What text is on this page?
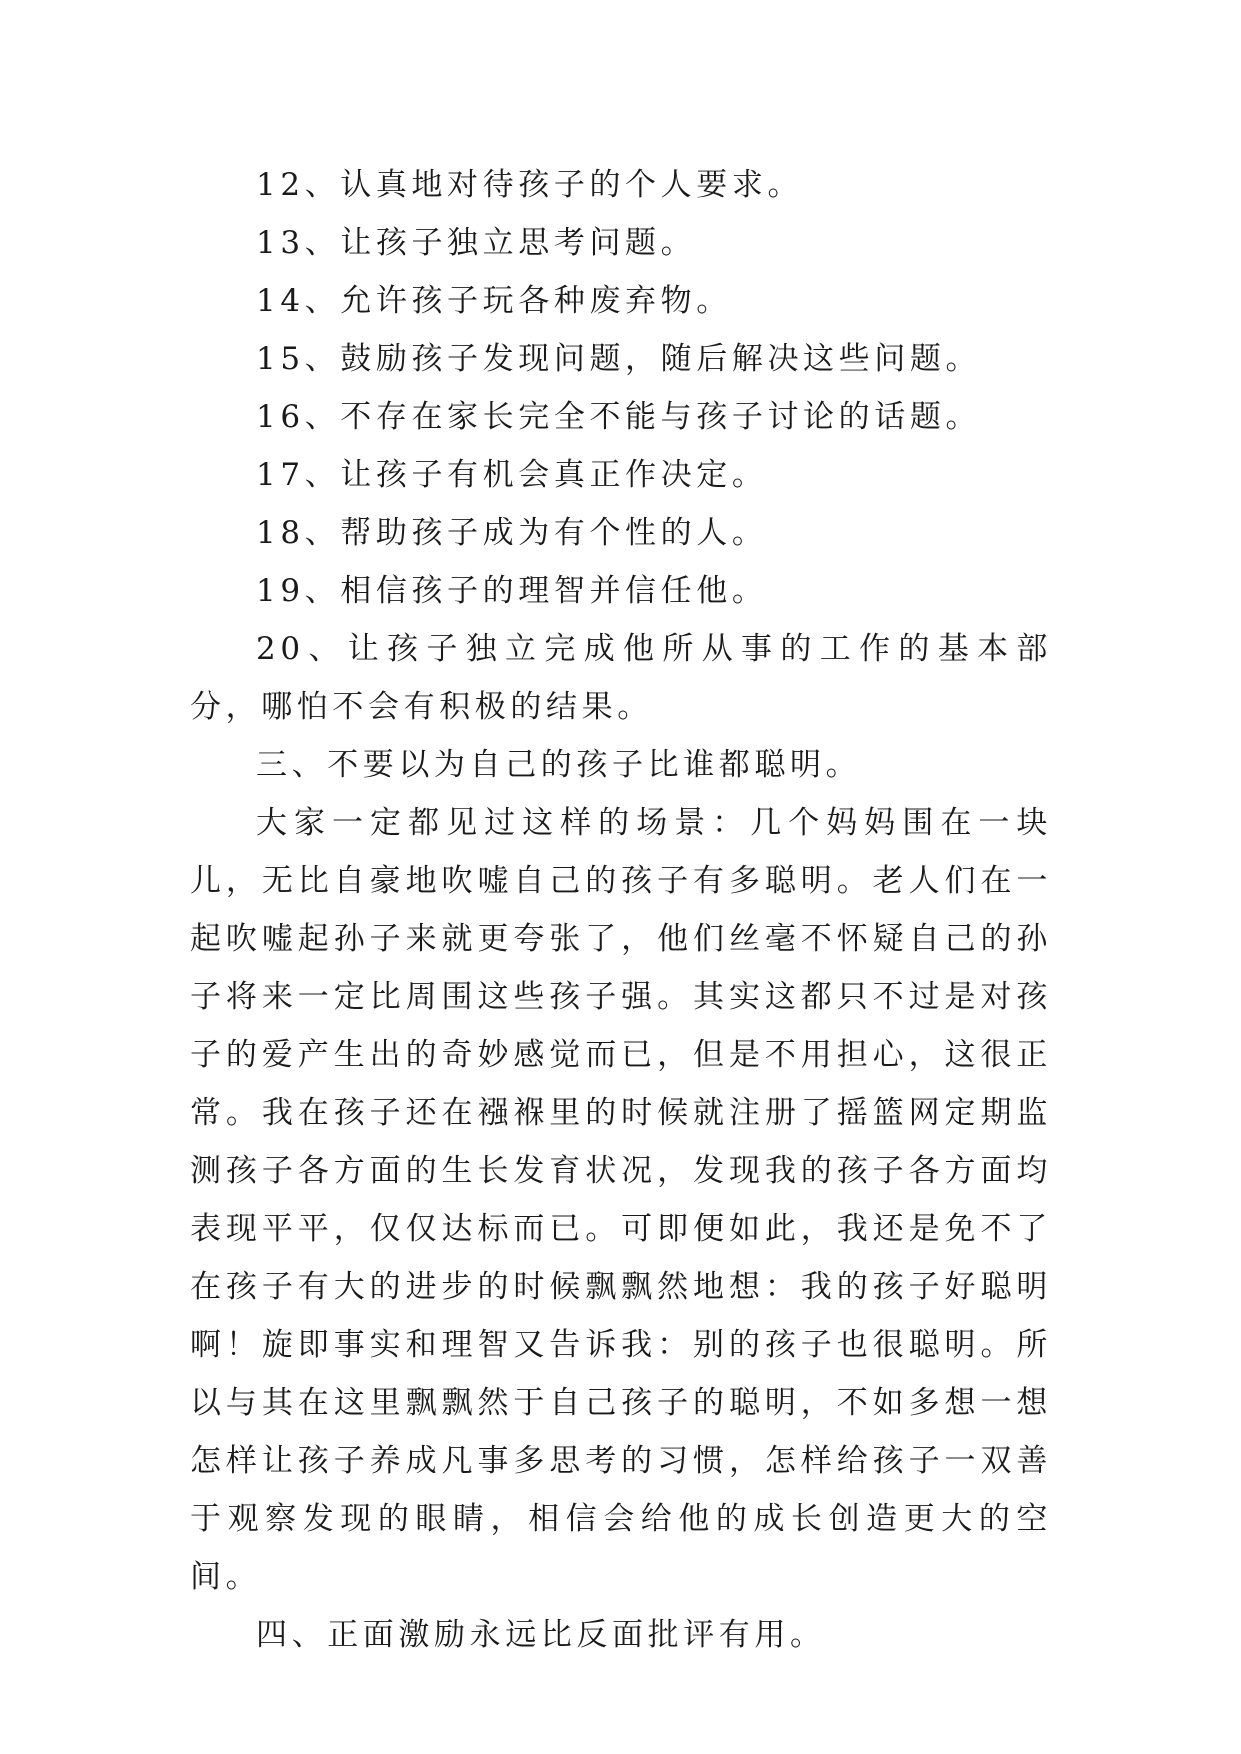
12、认真地对待孩子的个人要求。

13、让孩子独立思考问题。

14、允许孩子玩各种废弃物。

15、鼓励孩子发现问题，随后解决这些问题。

16、不存在家长完全不能与孩子讨论的话题。

17、让孩子有机会真正作决定。

18、帮助孩子成为有个性的人。

19、相信孩子的理智并信任他。

20、让孩子独立完成他所从事的工作的基本部分，哪怕不会有积极的结果。

三、不要以为自己的孩子比谁都聪明。

大家一定都见过这样的场景：几个妈妈围在一块儿，无比自豪地吹嘘自己的孩子有多聪明。老人们在一起吹嘘起孙子来就更夸张了，他们丝毫不怀疑自己的孙子将来一定比周围这些孩子强。其实这都只不过是对孩子的爱产生出的奇妙感觉而已，但是不用担心，这很正常。我在孩子还在襁褓里的时候就注册了摇篮网定期监测孩子各方面的生长发育状况，发现我的孩子各方面均表现平平，仅仅达标而已。可即便如此，我还是免不了在孩子有大的进步的时候飘飘然地想：我的孩子好聪明啊！旋即事实和理智又告诉我：别的孩子也很聪明。所以与其在这里飘飘然于自己孩子的聪明，不如多想一想怎样让孩子养成凡事多思考的习惯，怎样给孩子一双善于观察发现的眼睛，相信会给他的成长创造更大的空间。

四、正面激励永远比反面批评有用。
